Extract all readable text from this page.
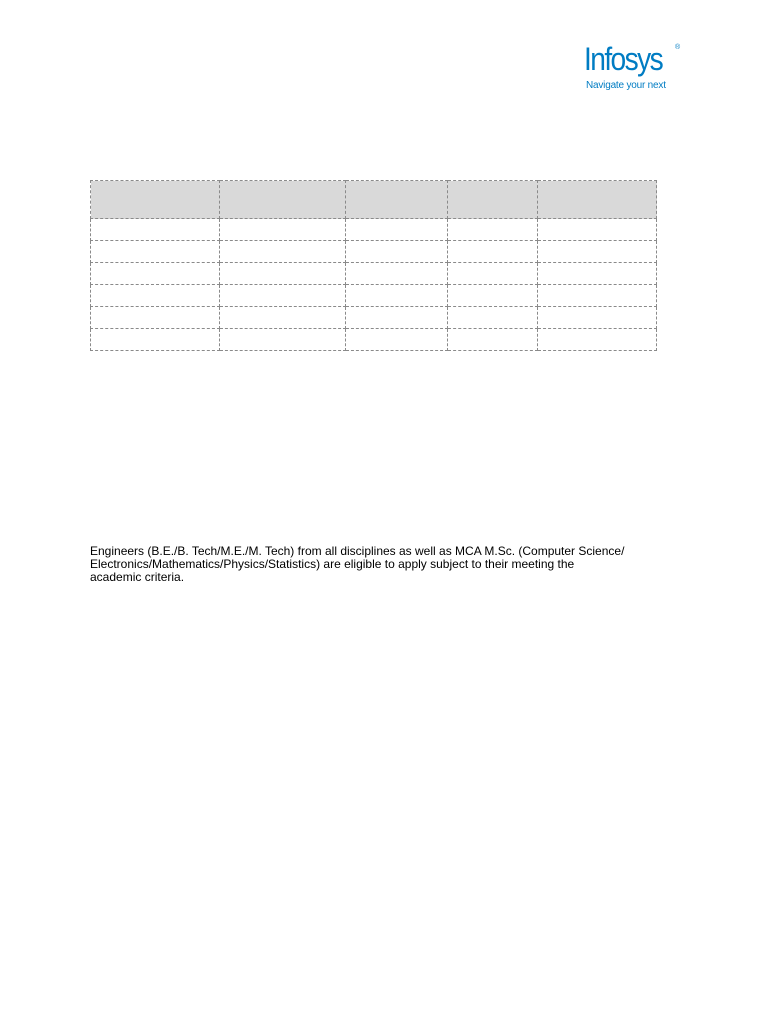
Infosys ®
Navigate your next

Engineers (B.E./B. Tech/M.E./M. Tech) from all disciplines as well as MCA M.Sc. (Computer Science/
Electronics/Mathematics/Physics/Statistics) are eligible to apply subject to their meeting the
academic criteria.
